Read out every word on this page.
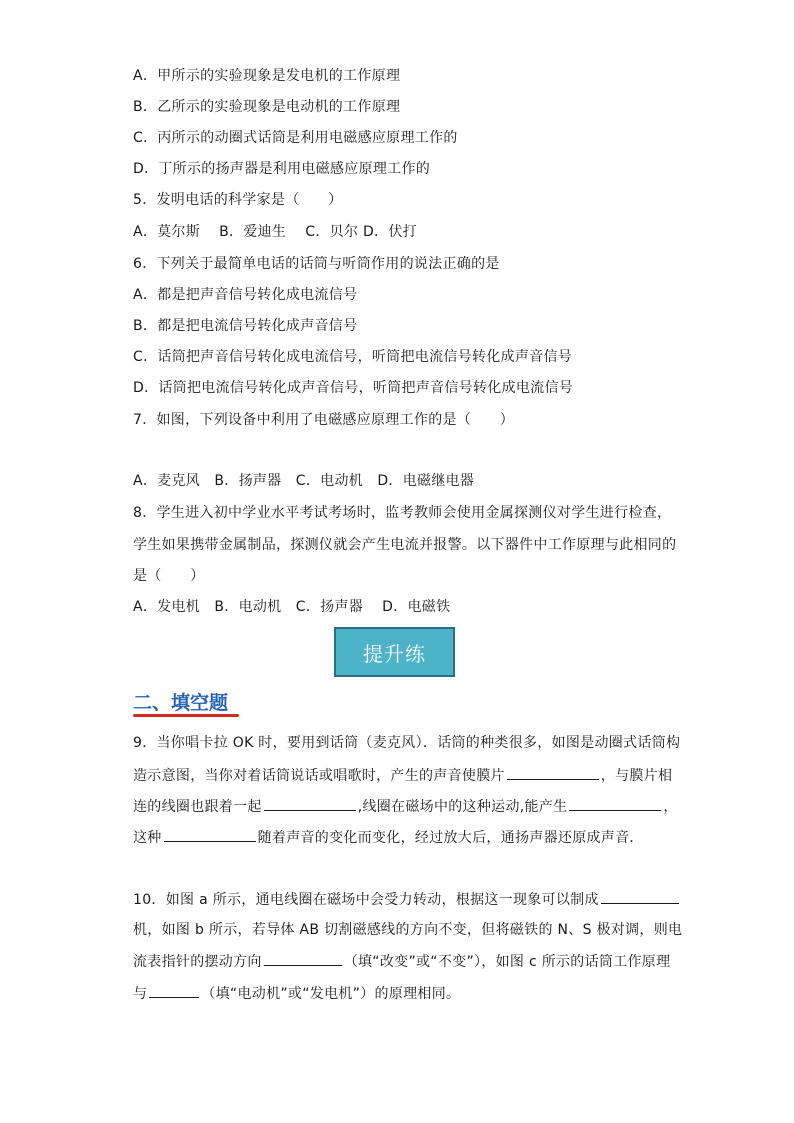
A．甲所示的实验现象是发电机的工作原理
B．乙所示的实验现象是电动机的工作原理
C．丙所示的动圈式话筒是利用电磁感应原理工作的
D．丁所示的扬声器是利用电磁感应原理工作的
5．发明电话的科学家是（　　）
A．莫尔斯　 B．爱迪生　 C．贝尔 D．伏打
6．下列关于最简单电话的话筒与听筒作用的说法正确的是
A．都是把声音信号转化成电流信号
B．都是把电流信号转化成声音信号
C．话筒把声音信号转化成电流信号，听筒把电流信号转化成声音信号
D．话筒把电流信号转化成声音信号，听筒把声音信号转化成电流信号
7．如图，下列设备中利用了电磁感应原理工作的是（　　）
A．麦克风　B．扬声器　C．电动机　D．电磁继电器
8．学生进入初中学业水平考试考场时，监考教师会使用金属探测仪对学生进行检查，
学生如果携带金属制品，探测仪就会产生电流并报警。以下器件中工作原理与此相同的
是（　　）
A．发电机　B．电动机　C．扬声器　 D．电磁铁
提升练
二、填空题
9．当你唱卡拉 OK 时，要用到话筒（麦克风）．话筒的种类很多，如图是动圈式话筒构
造示意图，当你对着话筒说话或唱歌时，产生的声音使膜片	，与膜片相
连的线圈也跟着一起	,线圈在磁场中的这种运动,能产生	，
这种	随着声音的变化而变化，经过放大后，通扬声器还原成声音．
10．如图 a 所示，通电线圈在磁场中会受力转动，根据这一现象可以制成
机，如图 b 所示，若导体 AB 切割磁感线的方向不变，但将磁铁的 N、S 极对调，则电
流表指针的摆动方向	（填“改变”或“不变”），如图 c 所示的话筒工作原理
与	（填“电动机”或“发电机”）的原理相同。
